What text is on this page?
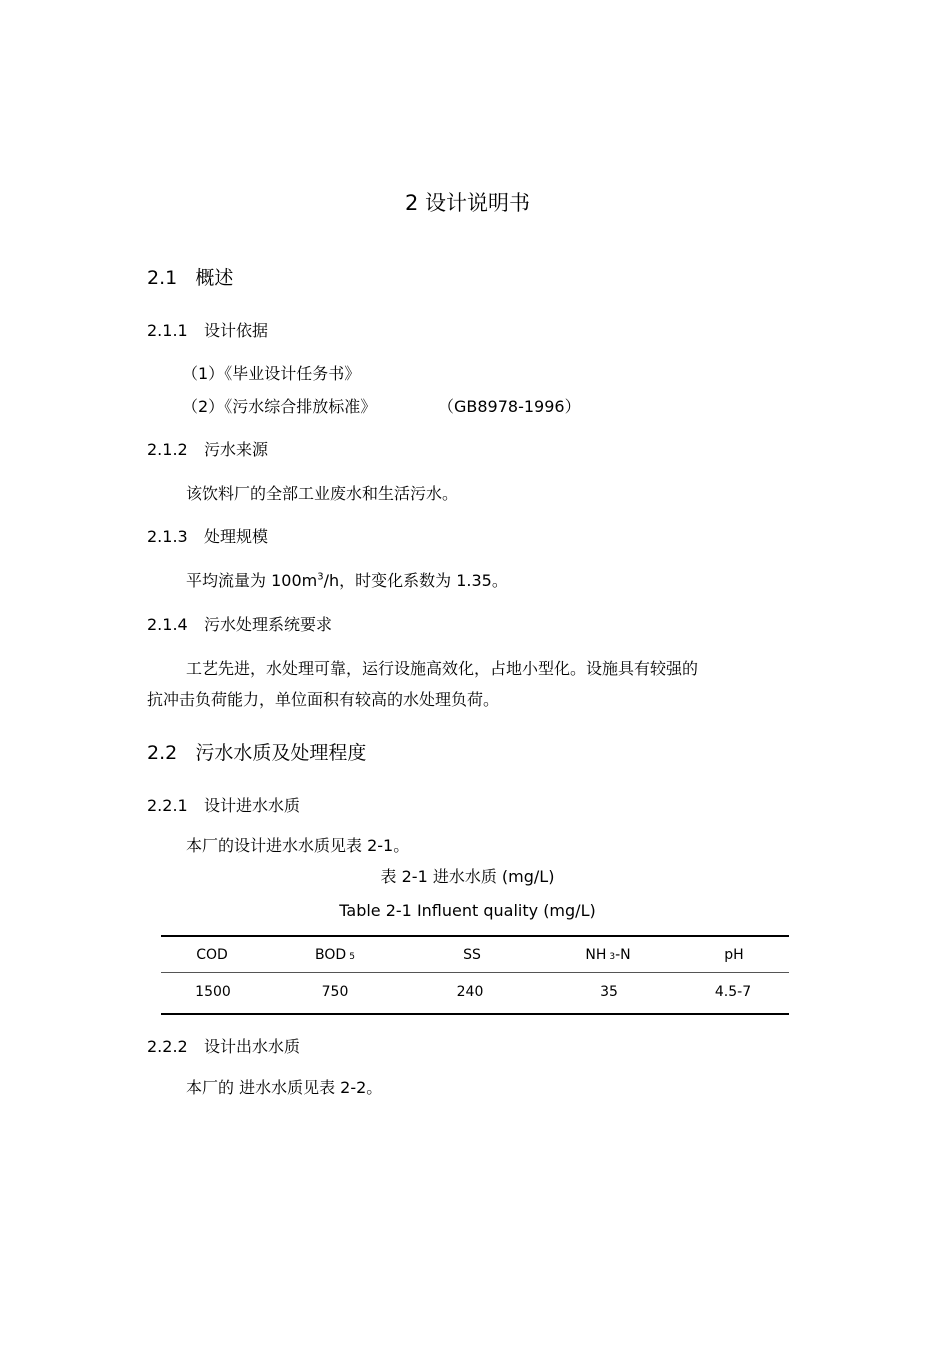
2 设计说明书
2.1 概述
2.1.1 设计依据
（1）《毕业设计任务书》
（2）《污水综合排放标准》	（GB8978-1996）
2.1.2 污水来源
该饮料厂的全部工业废水和生活污水。
2.1.3 处理规模
平均流量为 $100m^3/h$，时变化系数为 1.35。
2.1.4 污水处理系统要求
工艺先进，水处理可靠，运行设施高效化，占地小型化。设施具有较强的
抗冲击负荷能力，单位面积有较高的水处理负荷。
2.2 污水水质及处理程度
2.2.1 设计进水水质
本厂的设计进水水质见表 2-1。
表 2-1 进水水质 (mg/L)
Table 2-1 Influent quality (mg/L)
COD	BOD 5	SS	NH 3-N	pH
1500	750	240	35	4.5-7
2.2.2 设计出水水质
本厂的 进水水质见表 2-2。
